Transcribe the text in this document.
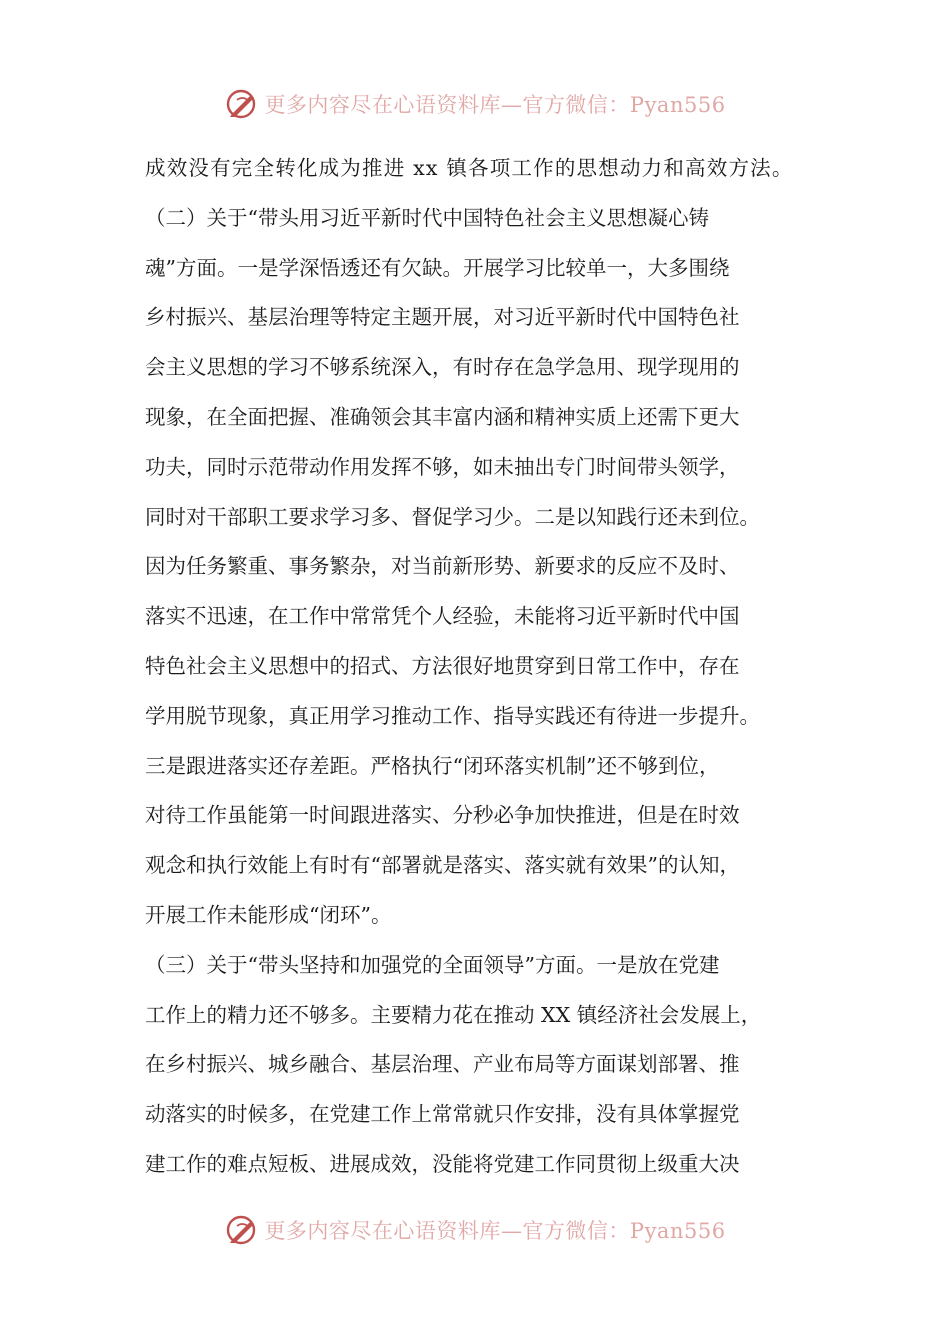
更多内容尽在心语资料库 —官方微信：Pyan556
成效没有完全转化成为推进 xx 镇各项工作的思想动力和高效方法。
（二）关于“带头用习近平新时代中国特色社会主义思想凝心铸
魂”方面。一是学深悟透还有欠缺。开展学习比较单一，大多围绕
乡村振兴、基层治理等特定主题开展，对习近平新时代中国特色社
会主义思想的学习不够系统深入，有时存在急学急用、现学现用的
现象，在全面把握、准确领会其丰富内涵和精神实质上还需下更大
功夫，同时示范带动作用发挥不够，如未抽出专门时间带头领学，
同时对干部职工要求学习多、督促学习少。二是以知践行还未到位。
因为任务繁重、事务繁杂，对当前新形势、新要求的反应不及时、
落实不迅速，在工作中常常凭个人经验，未能将习近平新时代中国
特色社会主义思想中的招式、方法很好地贯穿到日常工作中，存在
学用脱节现象，真正用学习推动工作、指导实践还有待进一步提升。
三是跟进落实还存差距。严格执行“闭环落实机制”还不够到位，
对待工作虽能第一时间跟进落实、分秒必争加快推进，但是在时效
观念和执行效能上有时有“部署就是落实、落实就有效果”的认知，
开展工作未能形成“闭环”。
（三）关于“带头坚持和加强党的全面领导”方面。一是放在党建
工作上的精力还不够多。主要精力花在推动 XX 镇经济社会发展上，
在乡村振兴、城乡融合、基层治理、产业布局等方面谋划部署、推
动落实的时候多，在党建工作上常常就只作安排，没有具体掌握党
建工作的难点短板、进展成效，没能将党建工作同贯彻上级重大决
更多内容尽在心语资料库 —官方微信：Pyan556
